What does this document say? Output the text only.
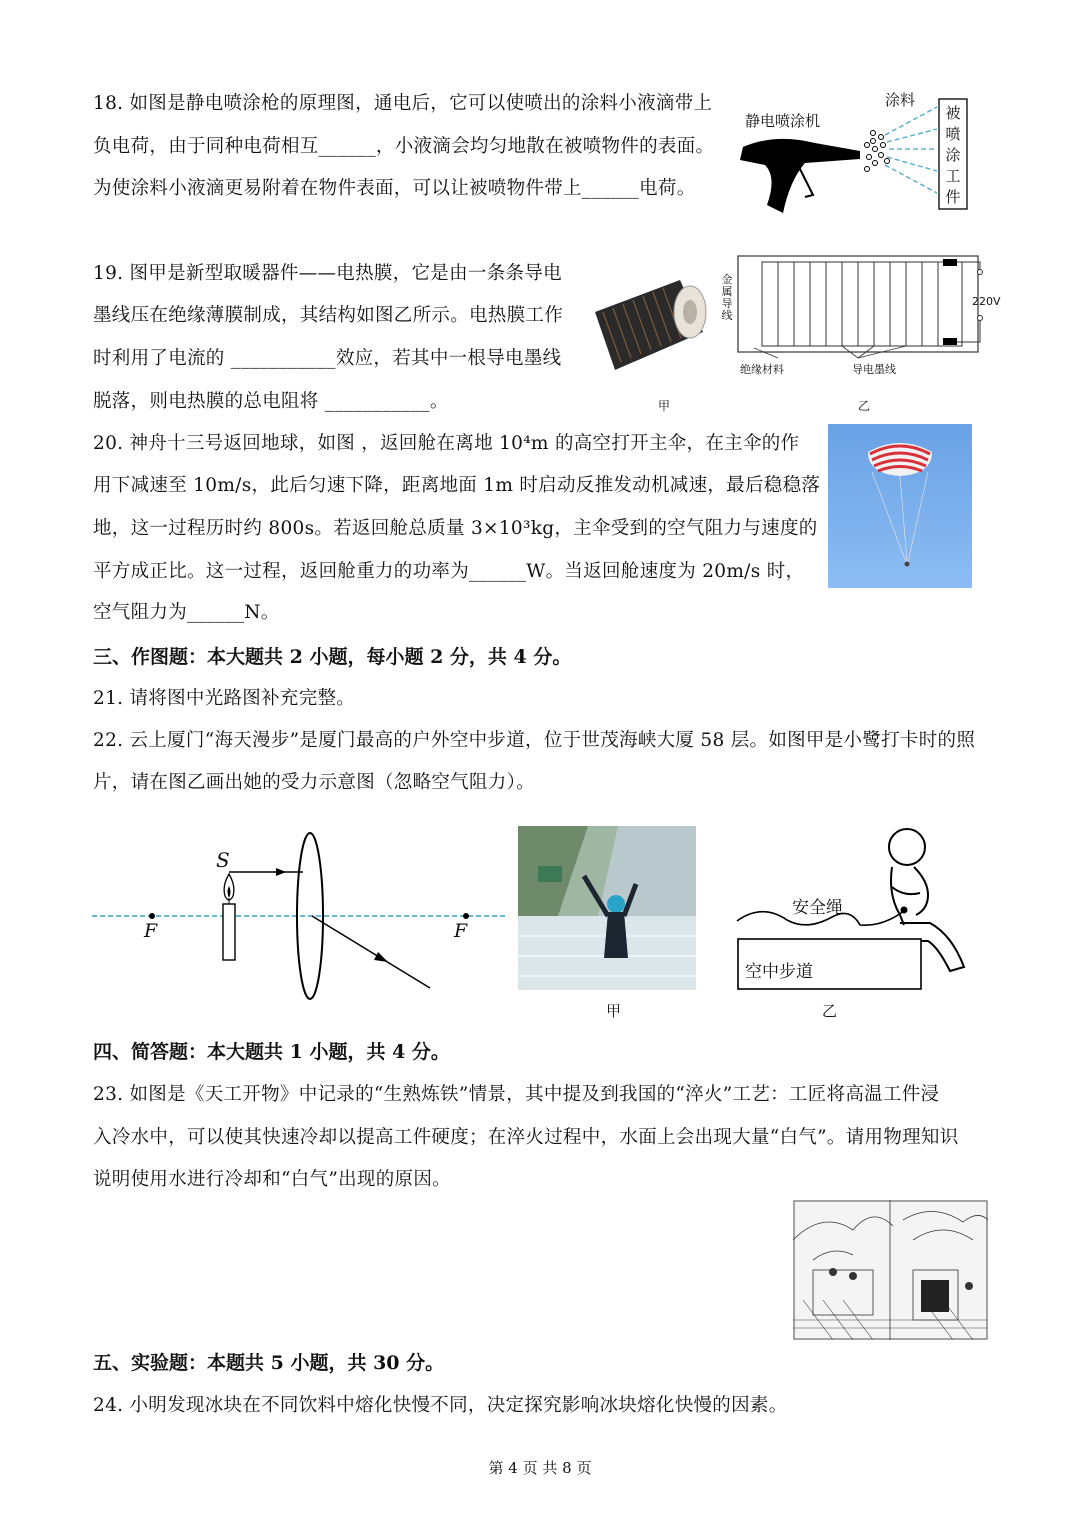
18. 如图是静电喷涂枪的原理图，通电后，它可以使喷出的涂料小液滴带上
负电荷，由于同种电荷相互______，小液滴会均匀地散在被喷物件的表面。
为使涂料小液滴更易附着在物件表面，可以让被喷物件带上______电荷。
静电喷涂机
涂料
被
喷
涂
工
件
19. 图甲是新型取暖器件——电热膜，它是由一条条导电
墨线压在绝缘薄膜制成，其结构如图乙所示。电热膜工作
时利用了电流的 ___________效应，若其中一根导电墨线
脱落，则电热膜的总电阻将 ___________。	甲
金
属
导
线
220V
绝缘材料	导电墨线
乙
20. 神舟十三号返回地球，如图 ，返回舱在离地 10⁴m 的高空打开主伞，在主伞的作
用下减速至 10m/s，此后匀速下降，距离地面 1m 时启动反推发动机减速，最后稳稳落
地，这一过程历时约 800s。若返回舱总质量 3×10³kg，主伞受到的空气阻力与速度的
平方成正比。这一过程，返回舱重力的功率为______W。当返回舱速度为 20m/s 时，
空气阻力为______N。
三、作图题：本大题共 2 小题，每小题 2 分，共 4 分。
21. 请将图中光路图补充完整。
22. 云上厦门“海天漫步”是厦门最高的户外空中步道，位于世茂海峡大厦 58 层。如图甲是小鹭打卡时的照
片，请在图乙画出她的受力示意图（忽略空气阻力）。
S
F	F
甲
安全绳
空中步道
乙
四、简答题：本大题共 1 小题，共 4 分。
23. 如图是《天工开物》中记录的“生熟炼铁”情景，其中提及到我国的“淬火”工艺：工匠将高温工件浸
入冷水中，可以使其快速冷却以提高工件硬度；在淬火过程中，水面上会出现大量“白气”。请用物理知识
说明使用水进行冷却和“白气”出现的原因。
五、实验题：本题共 5 小题，共 30 分。
24. 小明发现冰块在不同饮料中熔化快慢不同，决定探究影响冰块熔化快慢的因素。
第 4 页 共 8 页
